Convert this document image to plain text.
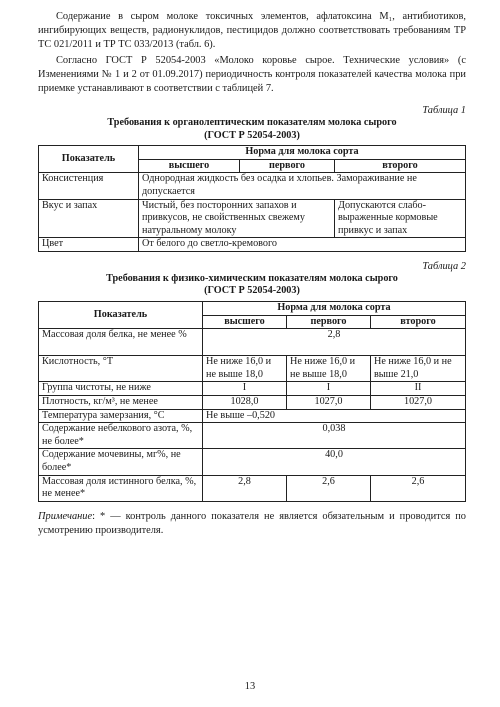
Содержание в сыром молоке токсичных элементов, афлатоксина M₁, антибиотиков, ингибирующих веществ, радионуклидов, пестицидов должно соответствовать требованиям ТР ТС 021/2011 и ТР ТС 033/2013 (табл. 6).

Согласно ГОСТ Р 52054-2003 «Молоко коровье сырое. Технические условия» (с Изменениями № 1 и 2 от 01.09.2017) периодичность контроля показателей качества молока при приемке устанавливают в соответствии с таблицей 7.

Таблица 1
Требования к органолептическим показателям молока сырого
(ГОСТ Р 52054-2003)
Показатель	Норма для молока сорта		
	высшего	первого	второго
Консистенция	Однородная жидкость без осадка и хлопьев. Замораживание не допускается		
Вкус и запах	Чистый, без посторонних запахов и привкусов, не свойственных свежему натуральному молоку		Допускаются слабо-выраженные кормовые привкус и запах
Цвет	От белого до светло-кремового		
Таблица 2
Требования к физико-химическим показателям молока сырого
(ГОСТ Р 52054-2003)
Показатель	Норма для молока сорта		
	высшего	первого	второго
Массовая доля белка, не менее %	2,8		
Кислотность, °Т	Не ниже 16,0 и не выше 18,0	Не ниже 16,0 и не выше 18,0	Не ниже 16,0 и не выше 21,0
Группа чистоты, не ниже	I	I	II
Плотность, кг/м³, не менее	1028,0	1027,0	1027,0
Температура замерзания, °С	Не выше –0,520		
Содержание небелкового азота, %, не более*	0,038		
Содержание мочевины, мг%, не более*	40,0		
Массовая доля истинного белка, %, не менее*	2,8	2,6	2,6
Примечание: * — контроль данного показателя не является обязательным и проводится по усмотрению производителя.
13
